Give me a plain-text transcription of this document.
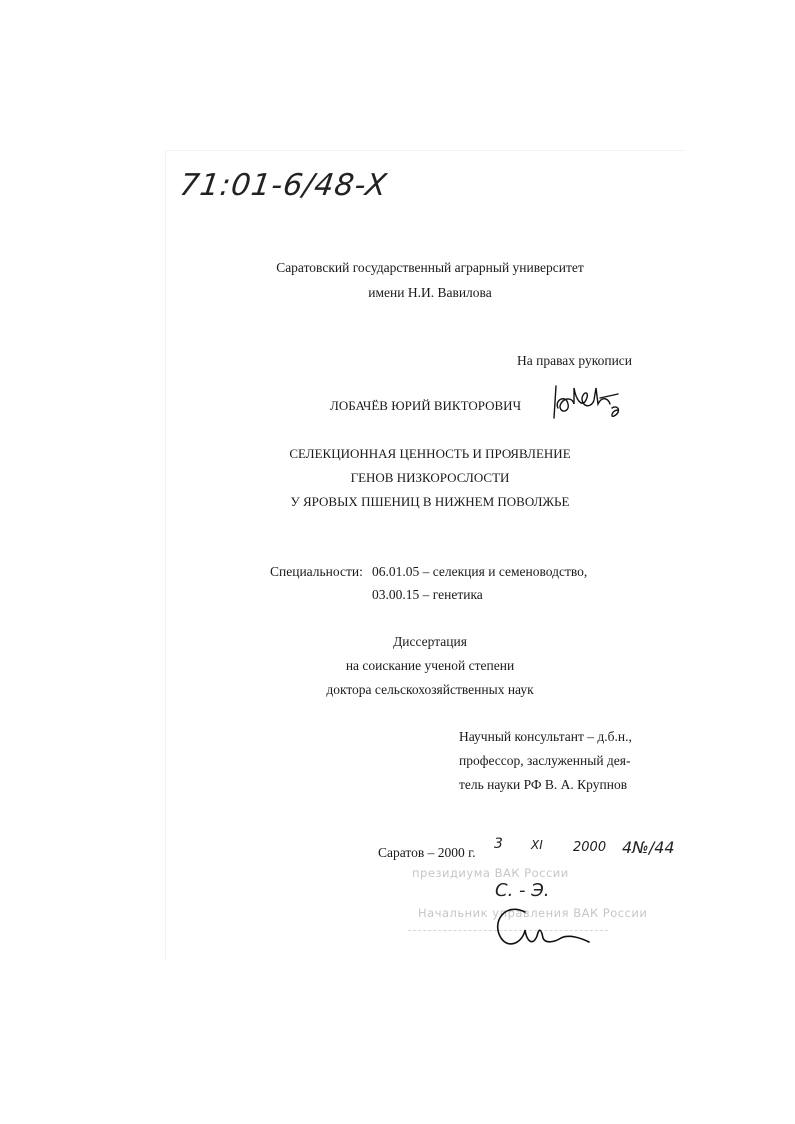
71:01-6/48-X
Саратовский государственный аграрный университет
имени Н.И. Вавилова
На правах рукописи
ЛОБАЧЁВ ЮРИЙ ВИКТОРОВИЧ
СЕЛЕКЦИОННАЯ ЦЕННОСТЬ И ПРОЯВЛЕНИЕ
ГЕНОВ НИЗКОРОСЛОСТИ
У ЯРОВЫХ ПШЕНИЦ В НИЖНЕМ ПОВОЛЖЬЕ
Специальности: 06.01.05 – селекция и семеноводство,
03.00.15 – генетика
Диссертация
на соискание ученой степени
доктора сельскохозяйственных наук
Научный консультант – д.б.н.,
профессор, заслуженный дея-
тель науки РФ В. А. Крупнов
Саратов – 2000 г.
президиума ВАК России
Начальник управления ВАК России
3 XI 2000 4№/44
С. - Э.
